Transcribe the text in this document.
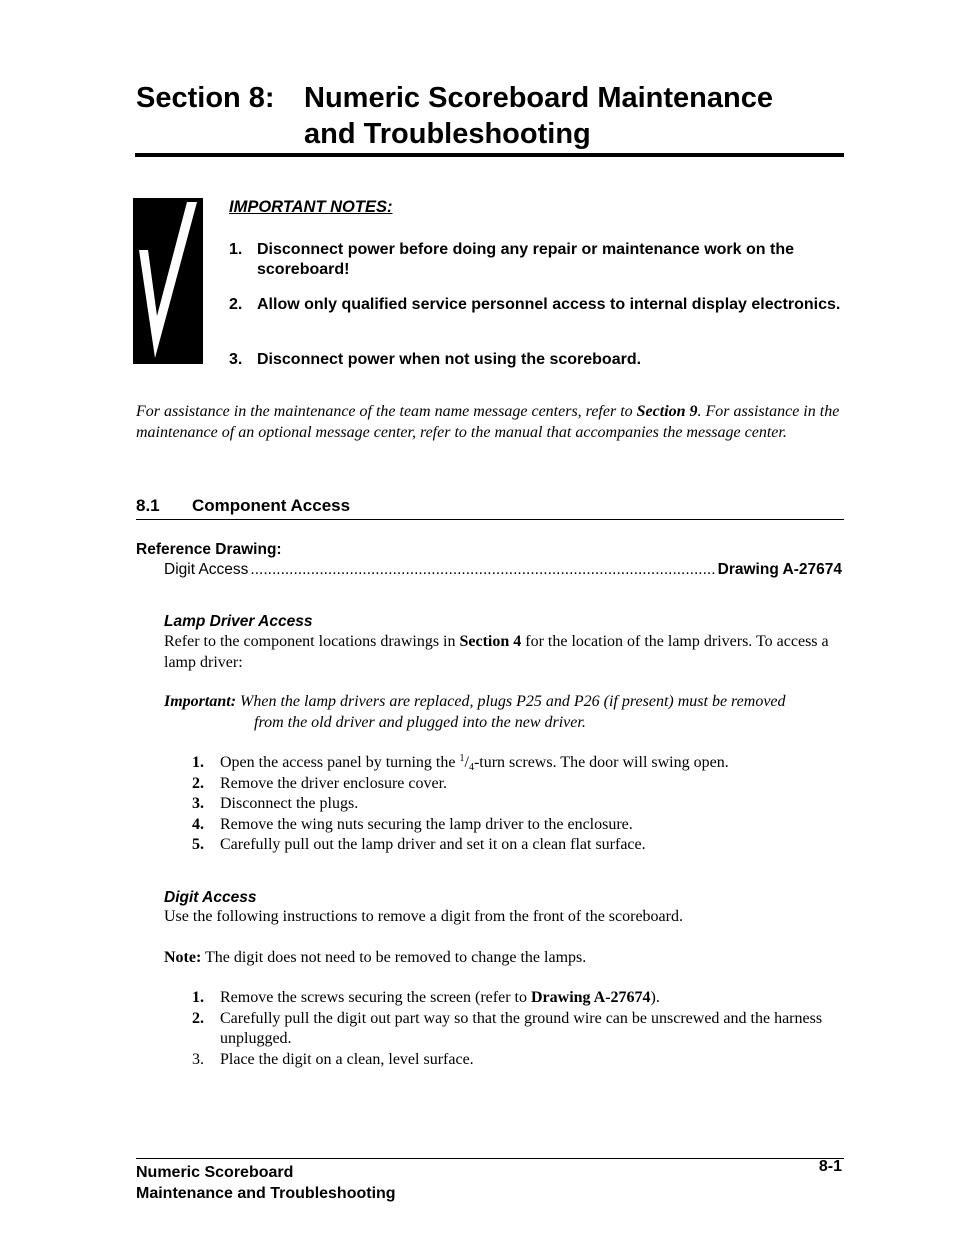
Section 8: Numeric Scoreboard Maintenance
and Troubleshooting
IMPORTANT NOTES:
1. Disconnect power before doing any repair or maintenance work on the scoreboard!
2. Allow only qualified service personnel access to internal display electronics.
3. Disconnect power when not using the scoreboard.
For assistance in the maintenance of the team name message centers, refer to Section 9. For assistance in the maintenance of an optional message center, refer to the manual that accompanies the message center.
8.1 Component Access
Reference Drawing:
Digit Access
.....	Drawing A-27674
Lamp Driver Access
Refer to the component locations drawings in Section 4 for the location of the lamp drivers. To access a lamp driver:
Important: When the lamp drivers are replaced, plugs P25 and P26 (if present) must be removed
from the old driver and plugged into the new driver.
1. Open the access panel by turning the $^1/_4$-turn screws. The door will swing open.
2. Remove the driver enclosure cover.
3. Disconnect the plugs.
4. Remove the wing nuts securing the lamp driver to the enclosure.
5. Carefully pull out the lamp driver and set it on a clean flat surface.
Digit Access
Use the following instructions to remove a digit from the front of the scoreboard.
Note: The digit does not need to be removed to change the lamps.
1. Remove the screws securing the screen (refer to Drawing A-27674).
2. Carefully pull the digit out part way so that the ground wire can be unscrewed and the harness unplugged.
3. Place the digit on a clean, level surface.
Numeric Scoreboard
Maintenance and Troubleshooting
8-1
